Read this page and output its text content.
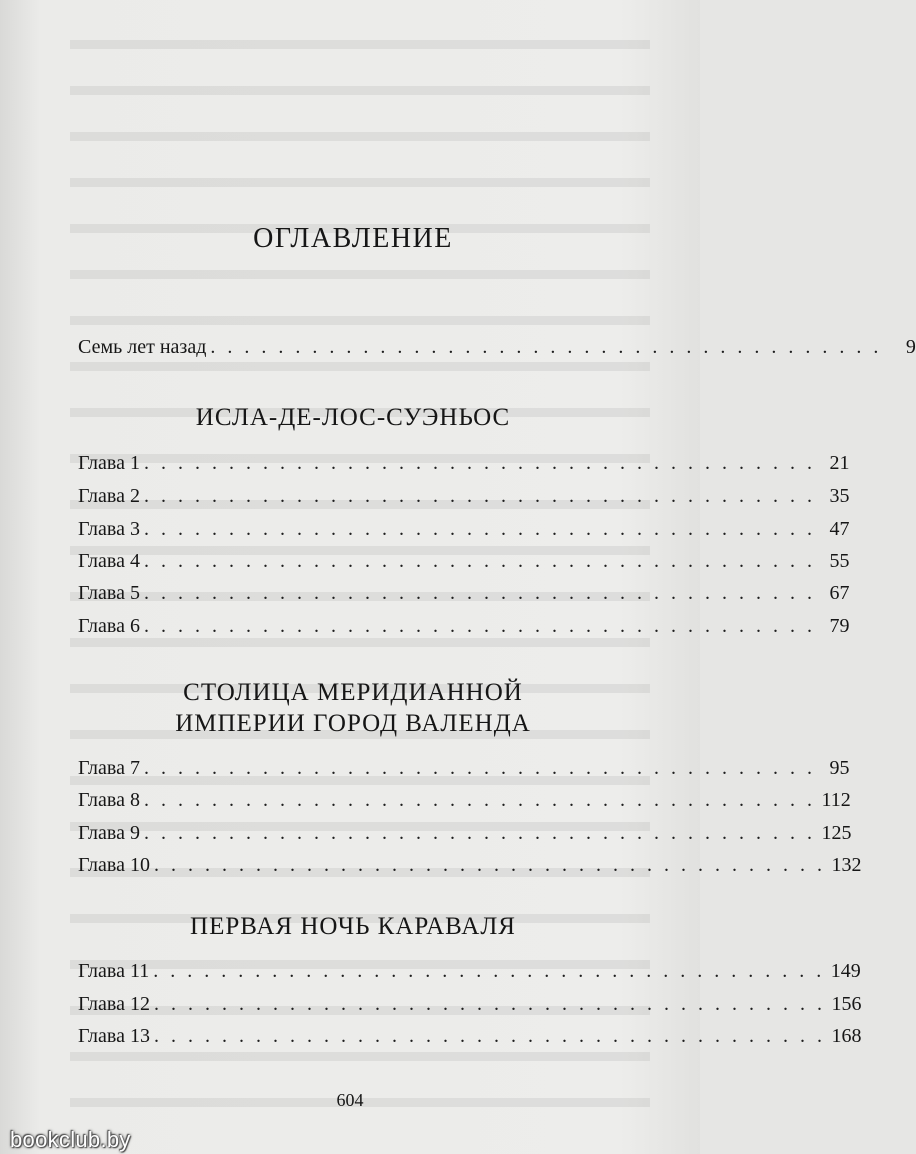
ОГЛАВЛЕНИЕ
Семь лет назад . . . . . . . . . . . . . . . . . . . . . . . . . . . . . . . . . . . . . . . .	9
ИСЛА-ДЕ-ЛОС-СУЭНЬОС
Глава 1 . . . . . . . . . . . . . . . . . . . . . . . . . . . . . . . . . . . . . . . . 21
Глава 2 . . . . . . . . . . . . . . . . . . . . . . . . . . . . . . . . . . . . . . . . 35
Глава 3 . . . . . . . . . . . . . . . . . . . . . . . . . . . . . . . . . . . . . . . . 47
Глава 4 . . . . . . . . . . . . . . . . . . . . . . . . . . . . . . . . . . . . . . . . 55
Глава 5 . . . . . . . . . . . . . . . . . . . . . . . . . . . . . . . . . . . . . . . . 67
Глава 6 . . . . . . . . . . . . . . . . . . . . . . . . . . . . . . . . . . . . . . . . 79
СТОЛИЦА МЕРИДИАННОЙ
ИМПЕРИИ ГОРОД ВАЛЕНДА
Глава 7 . . . . . . . . . . . . . . . . . . . . . . . . . . . . . . . . . . . . . . . . 95
Глава 8 . . . . . . . . . . . . . . . . . . . . . . . . . . . . . . . . . . . . . . . . 112
Глава 9 . . . . . . . . . . . . . . . . . . . . . . . . . . . . . . . . . . . . . . . . 125
Глава 10 . . . . . . . . . . . . . . . . . . . . . . . . . . . . . . . . . . . . . . . . 132
ПЕРВАЯ НОЧЬ КАРАВАЛЯ
Глава 11 . . . . . . . . . . . . . . . . . . . . . . . . . . . . . . . . . . . . . . . . 149
Глава 12 . . . . . . . . . . . . . . . . . . . . . . . . . . . . . . . . . . . . . . . . 156
Глава 13 . . . . . . . . . . . . . . . . . . . . . . . . . . . . . . . . . . . . . . . . 168
604
bookclub.by
